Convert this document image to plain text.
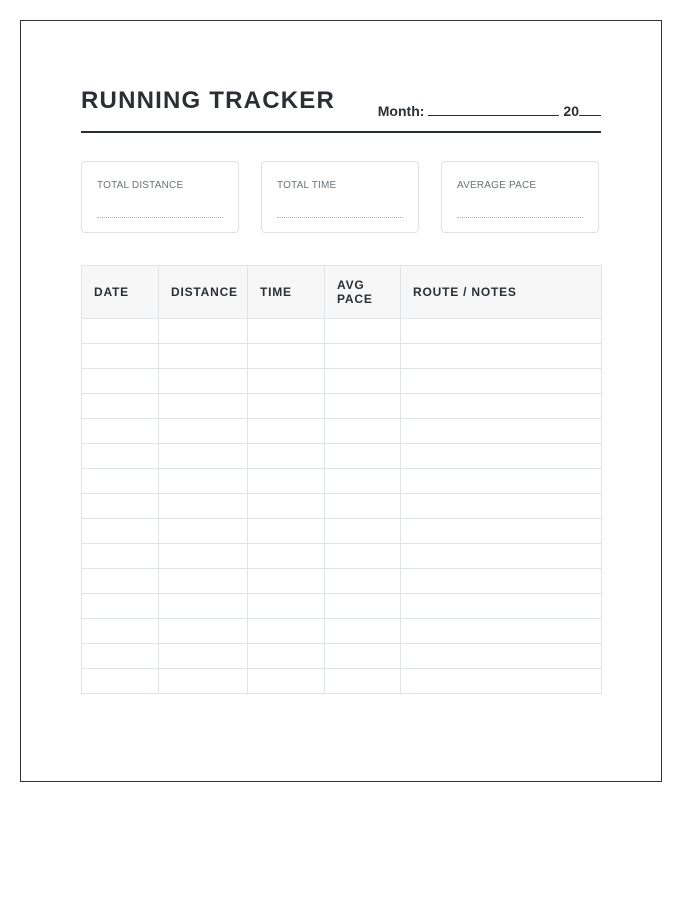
RUNNING TRACKER	Month:	20
TOTAL DISTANCE	TOTAL TIME	AVERAGE PACE
DATE	DISTANCE	TIME	AVG PACE	ROUTE / NOTES
